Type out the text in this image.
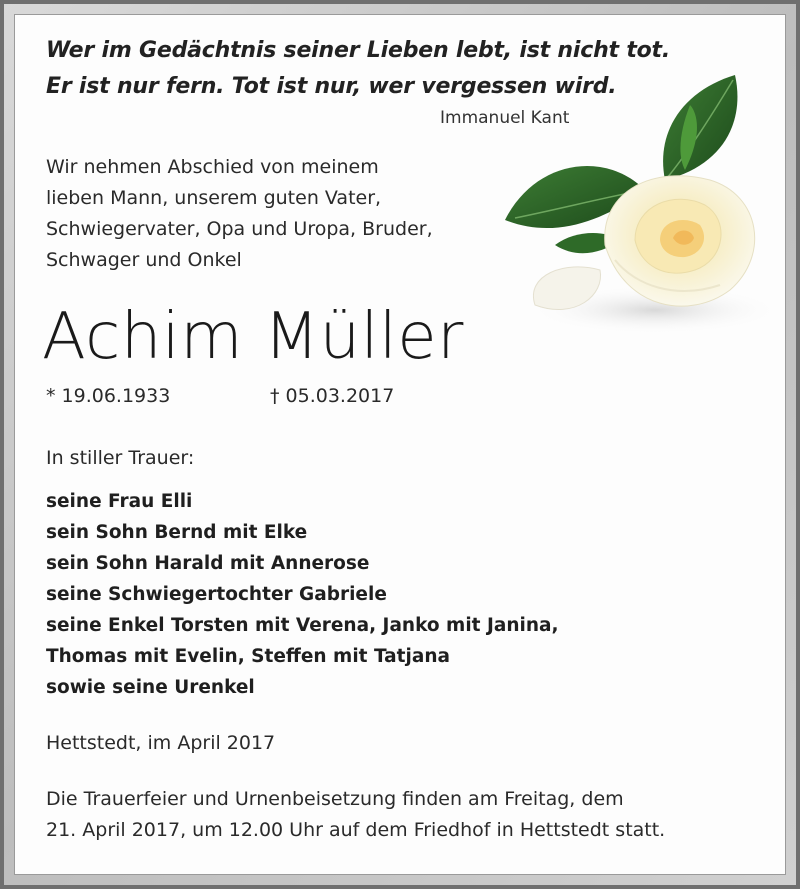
Wer im Gedächtnis seiner Lieben lebt, ist nicht tot.

Er ist nur fern. Tot ist nur, wer vergessen wird.

Immanuel Kant

Wir nehmen Abschied von meinem

lieben Mann, unserem guten Vater,

Schwiegervater, Opa und Uropa, Bruder,

Schwager und Onkel

Achim Müller

* 19.06.1933	† 05.03.2017

In stiller Trauer:

seine Frau Elli

sein Sohn Bernd mit Elke

sein Sohn Harald mit Annerose

seine Schwiegertochter Gabriele

seine Enkel Torsten mit Verena, Janko mit Janina,

Thomas mit Evelin, Steffen mit Tatjana

sowie seine Urenkel

Hettstedt, im April 2017

Die Trauerfeier und Urnenbeisetzung finden am Freitag, dem

21. April 2017, um 12.00 Uhr auf dem Friedhof in Hettstedt statt.
